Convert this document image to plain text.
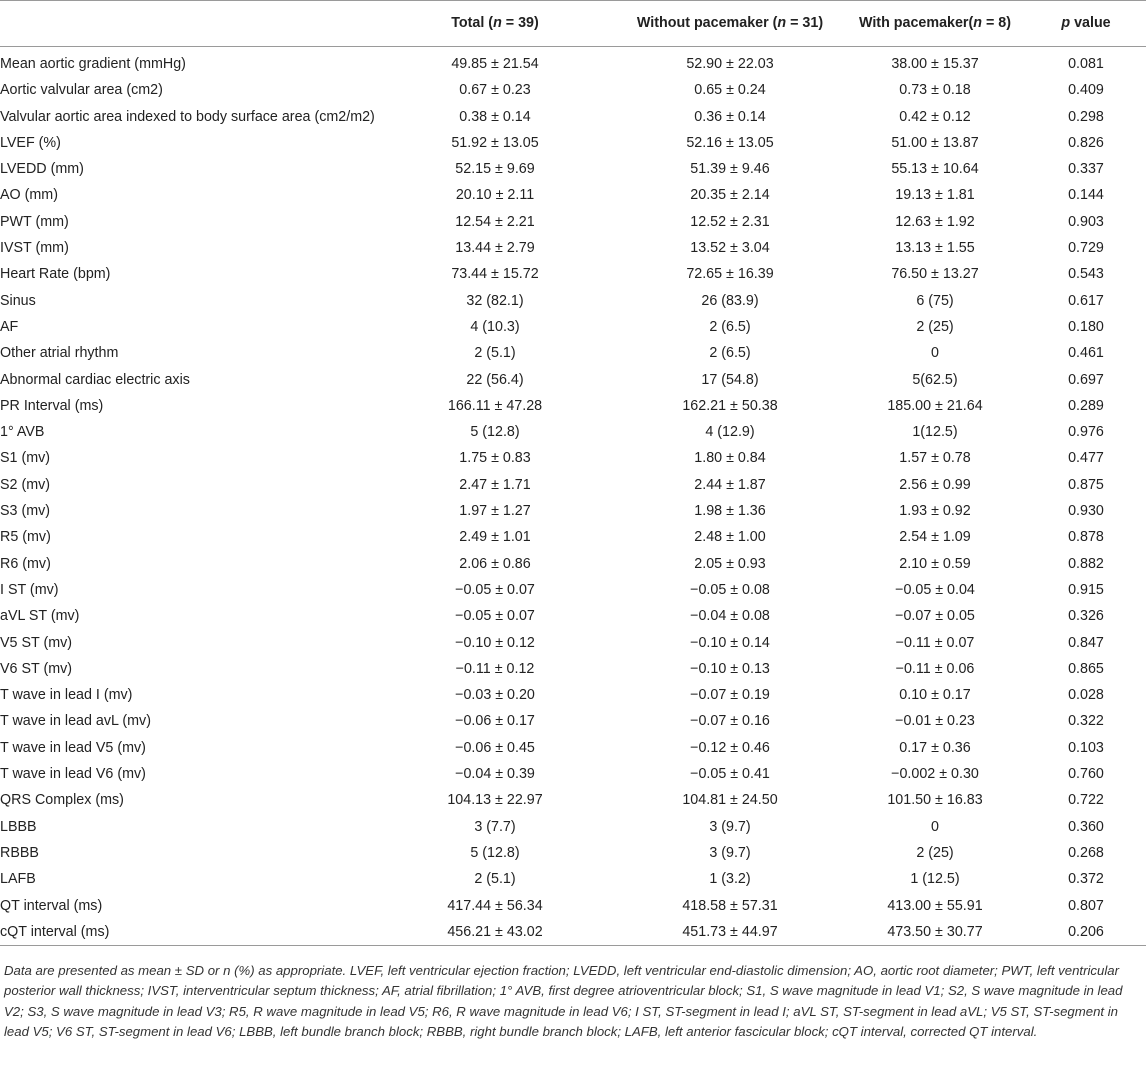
	Total (n = 39)	Without pacemaker (n = 31)	With pacemaker(n = 8)	p value
Mean aortic gradient (mmHg)	49.85 ± 21.54	52.90 ± 22.03	38.00 ± 15.37	0.081
Aortic valvular area (cm2)	0.67 ± 0.23	0.65 ± 0.24	0.73 ± 0.18	0.409
Valvular aortic area indexed to body surface area (cm2/m2)	0.38 ± 0.14	0.36 ± 0.14	0.42 ± 0.12	0.298
LVEF (%)	51.92 ± 13.05	52.16 ± 13.05	51.00 ± 13.87	0.826
LVEDD (mm)	52.15 ± 9.69	51.39 ± 9.46	55.13 ± 10.64	0.337
AO (mm)	20.10 ± 2.11	20.35 ± 2.14	19.13 ± 1.81	0.144
PWT (mm)	12.54 ± 2.21	12.52 ± 2.31	12.63 ± 1.92	0.903
IVST (mm)	13.44 ± 2.79	13.52 ± 3.04	13.13 ± 1.55	0.729
Heart Rate (bpm)	73.44 ± 15.72	72.65 ± 16.39	76.50 ± 13.27	0.543
Sinus	32 (82.1)	26 (83.9)	6 (75)	0.617
AF	4 (10.3)	2 (6.5)	2 (25)	0.180
Other atrial rhythm	2 (5.1)	2 (6.5)	0	0.461
Abnormal cardiac electric axis	22 (56.4)	17 (54.8)	5(62.5)	0.697
PR Interval (ms)	166.11 ± 47.28	162.21 ± 50.38	185.00 ± 21.64	0.289
1° AVB	5 (12.8)	4 (12.9)	1(12.5)	0.976
S1 (mv)	1.75 ± 0.83	1.80 ± 0.84	1.57 ± 0.78	0.477
S2 (mv)	2.47 ± 1.71	2.44 ± 1.87	2.56 ± 0.99	0.875
S3 (mv)	1.97 ± 1.27	1.98 ± 1.36	1.93 ± 0.92	0.930
R5 (mv)	2.49 ± 1.01	2.48 ± 1.00	2.54 ± 1.09	0.878
R6 (mv)	2.06 ± 0.86	2.05 ± 0.93	2.10 ± 0.59	0.882
I ST (mv)	−0.05 ± 0.07	−0.05 ± 0.08	−0.05 ± 0.04	0.915
aVL ST (mv)	−0.05 ± 0.07	−0.04 ± 0.08	−0.07 ± 0.05	0.326
V5 ST (mv)	−0.10 ± 0.12	−0.10 ± 0.14	−0.11 ± 0.07	0.847
V6 ST (mv)	−0.11 ± 0.12	−0.10 ± 0.13	−0.11 ± 0.06	0.865
T wave in lead I (mv)	−0.03 ± 0.20	−0.07 ± 0.19	0.10 ± 0.17	0.028
T wave in lead avL (mv)	−0.06 ± 0.17	−0.07 ± 0.16	−0.01 ± 0.23	0.322
T wave in lead V5 (mv)	−0.06 ± 0.45	−0.12 ± 0.46	0.17 ± 0.36	0.103
T wave in lead V6 (mv)	−0.04 ± 0.39	−0.05 ± 0.41	−0.002 ± 0.30	0.760
QRS Complex (ms)	104.13 ± 22.97	104.81 ± 24.50	101.50 ± 16.83	0.722
LBBB	3 (7.7)	3 (9.7)	0	0.360
RBBB	5 (12.8)	3 (9.7)	2 (25)	0.268
LAFB	2 (5.1)	1 (3.2)	1 (12.5)	0.372
QT interval (ms)	417.44 ± 56.34	418.58 ± 57.31	413.00 ± 55.91	0.807
cQT interval (ms)	456.21 ± 43.02	451.73 ± 44.97	473.50 ± 30.77	0.206
Data are presented as mean ± SD or n (%) as appropriate. LVEF, left ventricular ejection fraction; LVEDD, left ventricular end-diastolic dimension; AO, aortic root diameter; PWT, left ventricular posterior wall thickness; IVST, interventricular septum thickness; AF, atrial fibrillation; 1° AVB, first degree atrioventricular block; S1, S wave magnitude in lead V1; S2, S wave magnitude in lead V2; S3, S wave magnitude in lead V3; R5, R wave magnitude in lead V5; R6, R wave magnitude in lead V6; I ST, ST-segment in lead I; aVL ST, ST-segment in lead aVL; V5 ST, ST-segment in lead V5; V6 ST, ST-segment in lead V6; LBBB, left bundle branch block; RBBB, right bundle branch block; LAFB, left anterior fascicular block; cQT interval, corrected QT interval.
